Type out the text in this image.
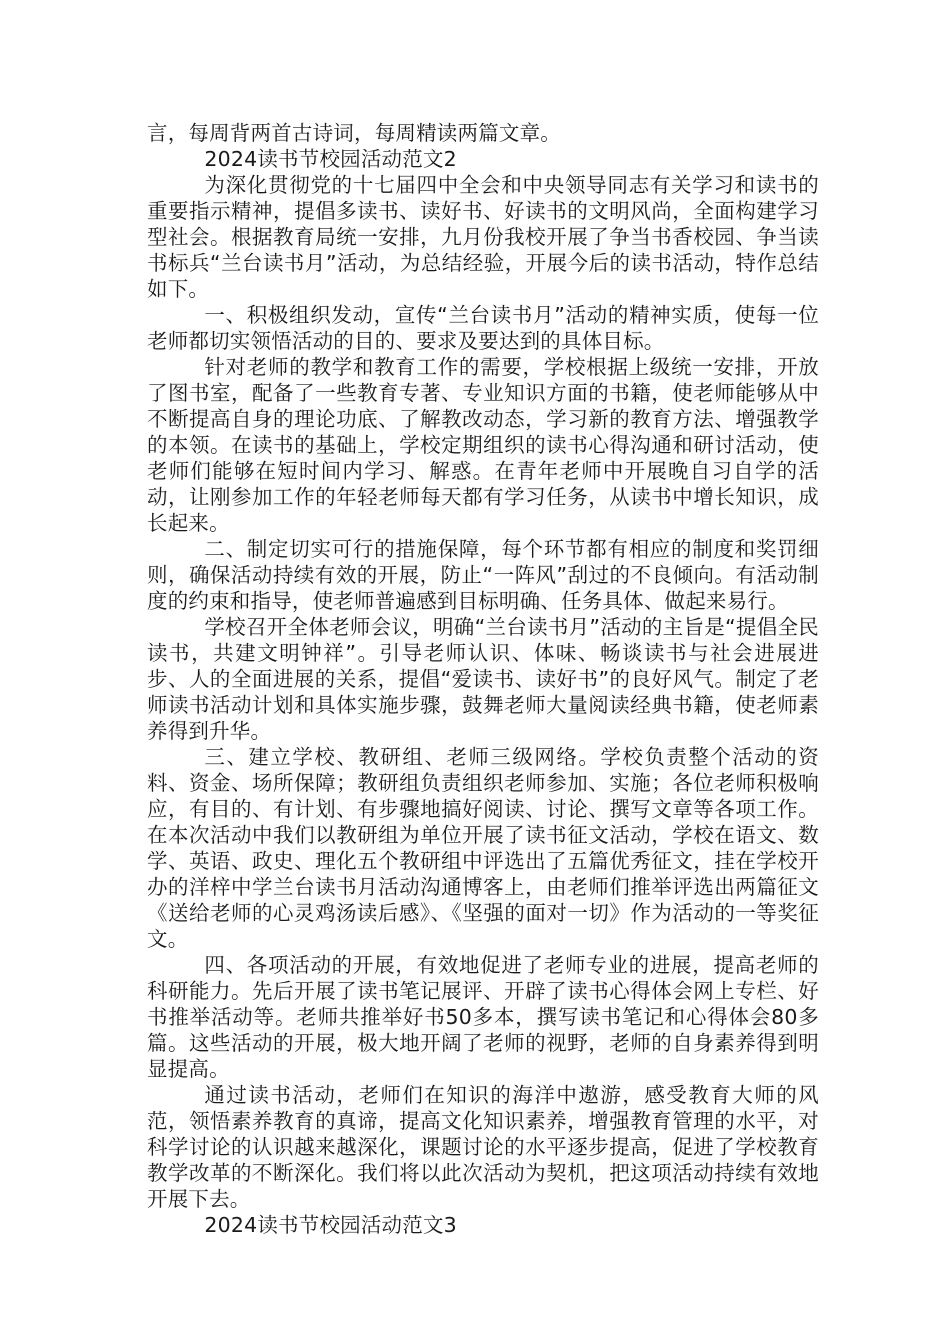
言，每周背两首古诗词，每周精读两篇文章。

2024读书节校园活动范文2

为深化贯彻党的十七届四中全会和中央领导同志有关学习和读书的重要指示精神，提倡多读书、读好书、好读书的文明风尚，全面构建学习型社会。根据教育局统一安排，九月份我校开展了争当书香校园、争当读书标兵“兰台读书月”活动，为总结经验，开展今后的读书活动，特作总结如下。

一、积极组织发动，宣传“兰台读书月”活动的精神实质，使每一位老师都切实领悟活动的目的、要求及要达到的具体目标。

针对老师的教学和教育工作的需要，学校根据上级统一安排，开放了图书室，配备了一些教育专著、专业知识方面的书籍，使老师能够从中不断提高自身的理论功底、了解教改动态，学习新的教育方法、增强教学的本领。在读书的基础上，学校定期组织的读书心得沟通和研讨活动，使老师们能够在短时间内学习、解惑。在青年老师中开展晚自习自学的活动，让刚参加工作的年轻老师每天都有学习任务，从读书中增长知识，成长起来。

二、制定切实可行的措施保障，每个环节都有相应的制度和奖罚细则，确保活动持续有效的开展，防止“一阵风”刮过的不良倾向。有活动制度的约束和指导，使老师普遍感到目标明确、任务具体、做起来易行。

学校召开全体老师会议，明确“兰台读书月”活动的主旨是“提倡全民读书，共建文明钟祥”。引导老师认识、体味、畅谈读书与社会进展进步、人的全面进展的关系，提倡“爱读书、读好书”的良好风气。制定了老师读书活动计划和具体实施步骤，鼓舞老师大量阅读经典书籍，使老师素养得到升华。

三、建立学校、教研组、老师三级网络。学校负责整个活动的资料、资金、场所保障；教研组负责组织老师参加、实施；各位老师积极响应，有目的、有计划、有步骤地搞好阅读、讨论、撰写文章等各项工作。在本次活动中我们以教研组为单位开展了读书征文活动，学校在语文、数学、英语、政史、理化五个教研组中评选出了五篇优秀征文，挂在学校开办的洋梓中学兰台读书月活动沟通博客上，由老师们推举评选出两篇征文《送给老师的心灵鸡汤读后感》、《坚强的面对一切》作为活动的一等奖征文。

四、各项活动的开展，有效地促进了老师专业的进展，提高老师的科研能力。先后开展了读书笔记展评、开辟了读书心得体会网上专栏、好书推举活动等。老师共推举好书50多本，撰写读书笔记和心得体会80多篇。这些活动的开展，极大地开阔了老师的视野，老师的自身素养得到明显提高。

通过读书活动，老师们在知识的海洋中遨游，感受教育大师的风范，领悟素养教育的真谛，提高文化知识素养，增强教育管理的水平，对科学讨论的认识越来越深化，课题讨论的水平逐步提高，促进了学校教育教学改革的不断深化。我们将以此次活动为契机，把这项活动持续有效地开展下去。

2024读书节校园活动范文3
